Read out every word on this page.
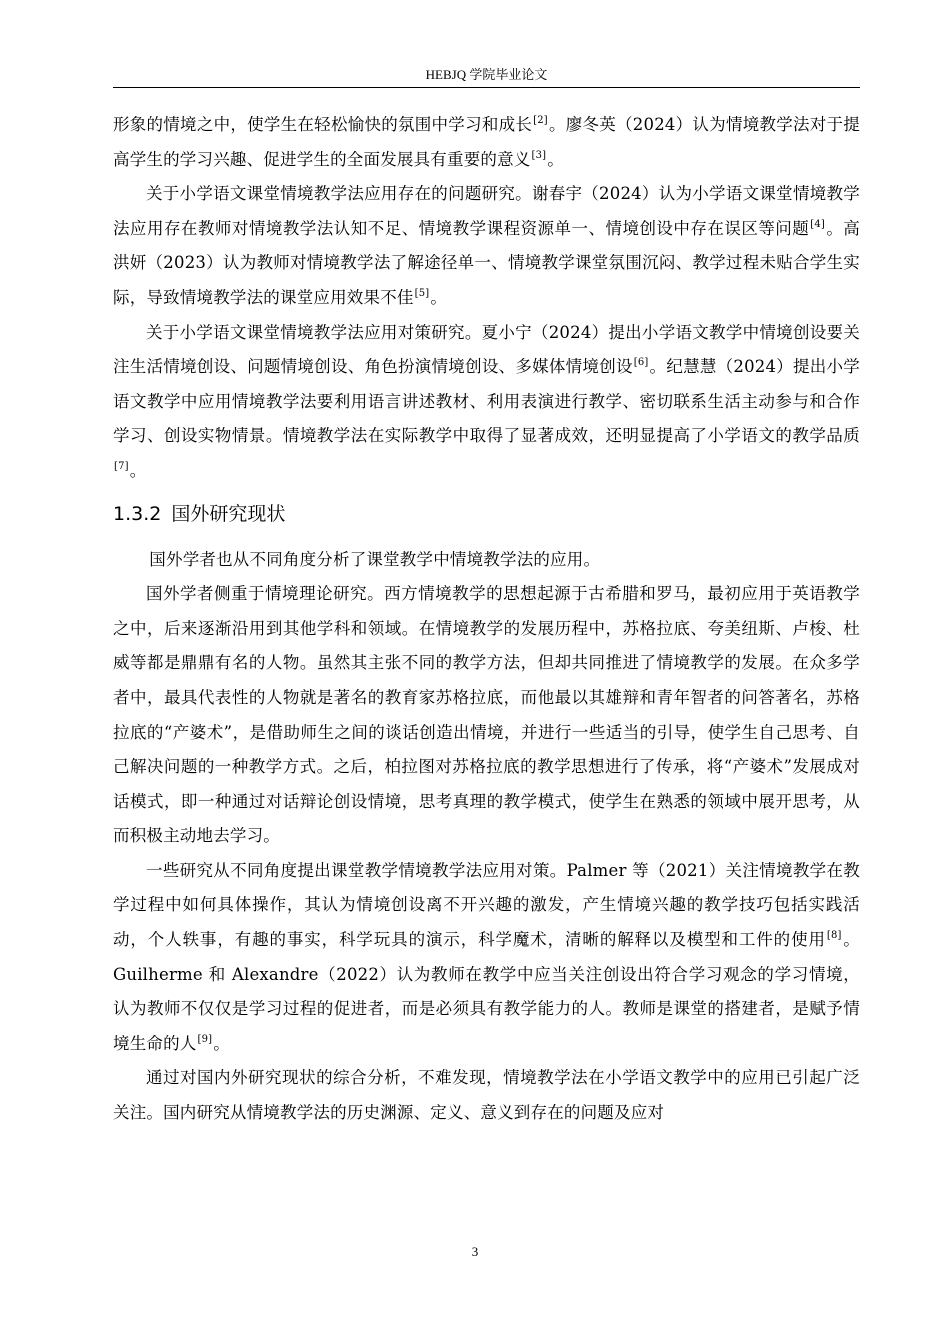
HEBJQ 学院毕业论文

形象的情境之中，使学生在轻松愉快的氛围中学习和成长[2]。廖冬英（2024）认为情境教学法对于提高学生的学习兴趣、促进学生的全面发展具有重要的意义[3]。

关于小学语文课堂情境教学法应用存在的问题研究。谢春宇（2024）认为小学语文课堂情境教学法应用存在教师对情境教学法认知不足、情境教学课程资源单一、情境创设中存在误区等问题[4]。高洪妍（2023）认为教师对情境教学法了解途径单一、情境教学课堂氛围沉闷、教学过程未贴合学生实际，导致情境教学法的课堂应用效果不佳[5]。

关于小学语文课堂情境教学法应用对策研究。夏小宁（2024）提出小学语文教学中情境创设要关注生活情境创设、问题情境创设、角色扮演情境创设、多媒体情境创设[6]。纪慧慧（2024）提出小学语文教学中应用情境教学法要利用语言讲述教材、利用表演进行教学、密切联系生活主动参与和合作学习、创设实物情景。情境教学法在实际教学中取得了显著成效，还明显提高了小学语文的教学品质[7]。

1.3.2 国外研究现状

国外学者也从不同角度分析了课堂教学中情境教学法的应用。

国外学者侧重于情境理论研究。西方情境教学的思想起源于古希腊和罗马，最初应用于英语教学之中，后来逐渐沿用到其他学科和领域。在情境教学的发展历程中，苏格拉底、夸美纽斯、卢梭、杜威等都是鼎鼎有名的人物。虽然其主张不同的教学方法，但却共同推进了情境教学的发展。在众多学者中，最具代表性的人物就是著名的教育家苏格拉底，而他最以其雄辩和青年智者的问答著名，苏格拉底的“产婆术”，是借助师生之间的谈话创造出情境，并进行一些适当的引导，使学生自己思考、自己解决问题的一种教学方式。之后，柏拉图对苏格拉底的教学思想进行了传承，将“产婆术”发展成对话模式，即一种通过对话辩论创设情境，思考真理的教学模式，使学生在熟悉的领域中展开思考，从而积极主动地去学习。

一些研究从不同角度提出课堂教学情境教学法应用对策。Palmer 等（2021）关注情境教学在教学过程中如何具体操作，其认为情境创设离不开兴趣的激发，产生情境兴趣的教学技巧包括实践活动，个人轶事，有趣的事实，科学玩具的演示，科学魔术，清晰的解释以及模型和工件的使用[8]。Guilherme 和 Alexandre（2022）认为教师在教学中应当关注创设出符合学习观念的学习情境，认为教师不仅仅是学习过程的促进者，而是必须具有教学能力的人。教师是课堂的搭建者，是赋予情境生命的人[9]。

通过对国内外研究现状的综合分析，不难发现，情境教学法在小学语文教学中的应用已引起广泛关注。国内研究从情境教学法的历史渊源、定义、意义到存在的问题及应对

3
